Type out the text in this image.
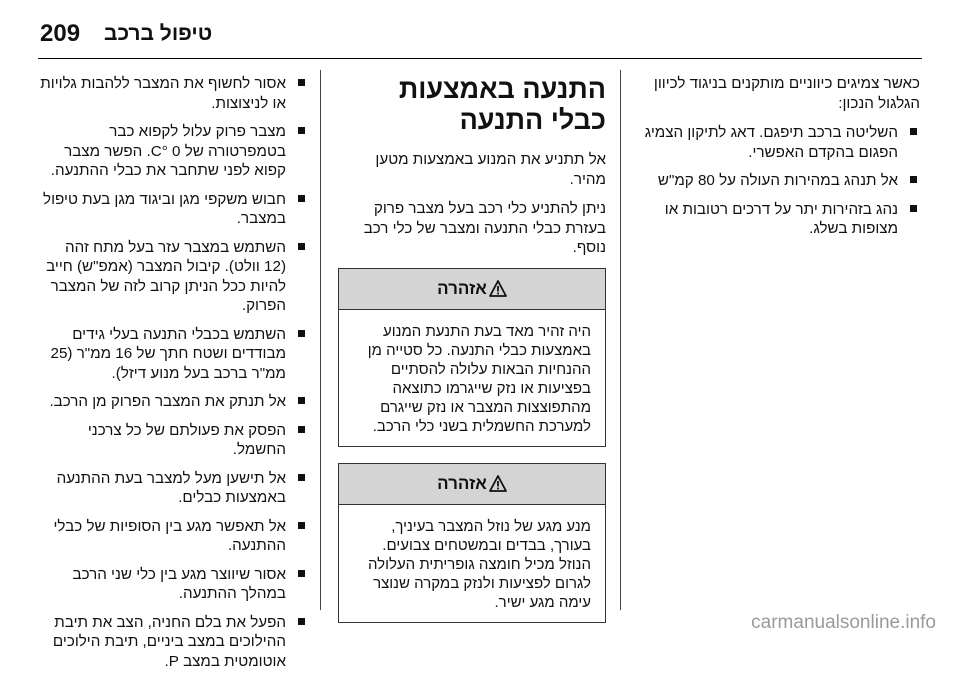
209 טיפול ברכב

כאשר צמיגים כיווניים מותקנים בניגוד לכיוון הגלגול הנכון:

השליטה ברכב תיפגם. דאג לתיקון הצמיג הפגום בהקדם האפשרי.
אל תנהג במהירות העולה על 80 קמ"ש
נהג בזהירות יתר על דרכים רטובות או מצופות בשלג.
התנעה באמצעות כבלי התנעה

אל תתניע את המנוע באמצעות מטען מהיר.

ניתן להתניע כלי רכב בעל מצבר פרוק בעזרת כבלי התנעה ומצבר של כלי רכב נוסף.

אזהרה
היה זהיר מאד בעת התנעת המנוע באמצעות כבלי התנעה. כל סטייה מן ההנחיות הבאות עלולה להסתיים בפציעות או נזק שייגרמו כתוצאה מהתפוצצות המצבר או נזק שייגרם למערכת החשמלית בשני כלי הרכב.
אזהרה
מנע מגע של נוזל המצבר בעיניך, בעורך, בבדים ובמשטחים צבועים. הנוזל מכיל חומצה גופריתית העלולה לגרום לפציעות ולנזק במקרה שנוצר עימה מגע ישיר.
אסור לחשוף את המצבר ללהבות גלויות או לניצוצות.
מצבר פרוק עלול לקפוא כבר בטמפרטורה של 0 °C. הפשר מצבר קפוא לפני שתחבר את כבלי ההתנעה.
חבוש משקפי מגן וביגוד מגן בעת טיפול במצבר.
השתמש במצבר עזר בעל מתח זהה (12 וולט). קיבול המצבר (אמפ"ש) חייב להיות ככל הניתן קרוב לזה של המצבר הפרוק.
השתמש בכבלי התנעה בעלי גידים מבודדים ושטח חתך של 16 ממ"ר (25 ממ"ר ברכב בעל מנוע דיזל).
אל תנתק את המצבר הפרוק מן הרכב.
הפסק את פעולתם של כל צרכני החשמל.
אל תישען מעל למצבר בעת ההתנעה באמצעות כבלים.
אל תאפשר מגע בין הסופיות של כבלי ההתנעה.
אסור שיווצר מגע בין כלי שני הרכב במהלך ההתנעה.
הפעל את בלם החניה, הצב את תיבת ההילוכים במצב ביניים, תיבת הילוכים אוטומטית במצב P.
carmanualsonline.info
